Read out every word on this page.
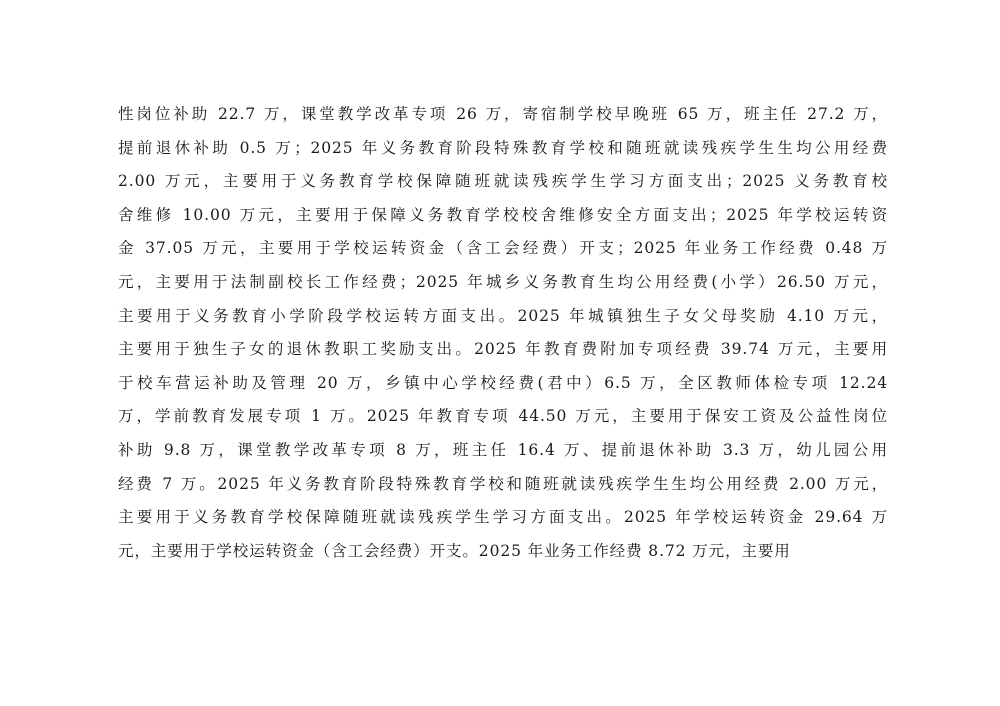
性岗位补助 22.7 万，课堂教学改革专项 26 万，寄宿制学校早晚班 65 万，班主任 27.2 万，
提前退休补助 0.5 万；2025 年义务教育阶段特殊教育学校和随班就读残疾学生生均公用经费
2.00 万元，主要用于义务教育学校保障随班就读残疾学生学习方面支出；2025 义务教育校
舍维修 10.00 万元，主要用于保障义务教育学校校舍维修安全方面支出；2025 年学校运转资
金 37.05 万元，主要用于学校运转资金（含工会经费）开支；2025 年业务工作经费 0.48 万
元，主要用于法制副校长工作经费；2025 年城乡义务教育生均公用经费(小学）26.50 万元，
主要用于义务教育小学阶段学校运转方面支出。2025 年城镇独生子女父母奖励 4.10 万元，
主要用于独生子女的退休教职工奖励支出。2025 年教育费附加专项经费 39.74 万元，主要用
于校车营运补助及管理 20 万，乡镇中心学校经费(君中）6.5 万，全区教师体检专项 12.24
万，学前教育发展专项 1 万。2025 年教育专项 44.50 万元，主要用于保安工资及公益性岗位
补助 9.8 万，课堂教学改革专项 8 万，班主任 16.4 万、提前退休补助 3.3 万，幼儿园公用
经费 7 万。2025 年义务教育阶段特殊教育学校和随班就读残疾学生生均公用经费 2.00 万元，
主要用于义务教育学校保障随班就读残疾学生学习方面支出。2025 年学校运转资金 29.64 万
元，主要用于学校运转资金（含工会经费）开支。2025 年业务工作经费 8.72 万元，主要用
